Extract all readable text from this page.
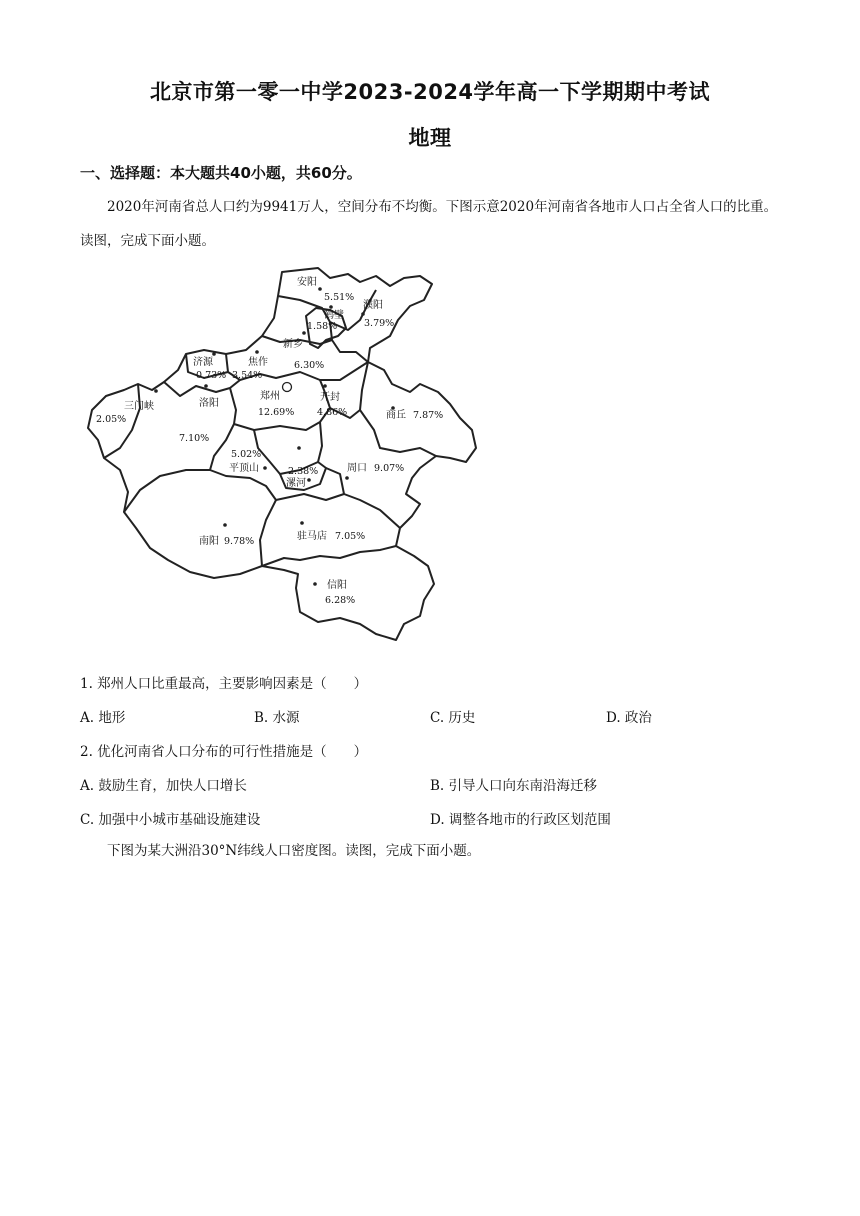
北京市第一零一中学2023-2024学年高一下学期期中考试
地理
一、选择题：本大题共40小题，共60分。
2020年河南省总人口约为9941万人，空间分布不均衡。下图示意2020年河南省各地市人口占全省人口的比重。读图，完成下面小题。
安阳
5.51%
鹤壁
1.58%
濮阳
3.79%
新乡
6.30%
济源
0.73%
焦作
3.54%
三门峡
2.05%
洛阳
7.10%
郑州
12.69%
开封
4.86%	商丘 7.87%
5.02%
平顶山	2.38%
漯河
周口 9.07%
南阳 9.78%	驻马店 7.05%
信阳
6.28%
1. 郑州人口比重最高，主要影响因素是（　　）
A. 地形	B. 水源	C. 历史	D. 政治
2. 优化河南省人口分布的可行性措施是（　　）
A. 鼓励生育，加快人口增长	B. 引导人口向东南沿海迁移
C. 加强中小城市基础设施建设	D. 调整各地市的行政区划范围
下图为某大洲沿30°N纬线人口密度图。读图，完成下面小题。
